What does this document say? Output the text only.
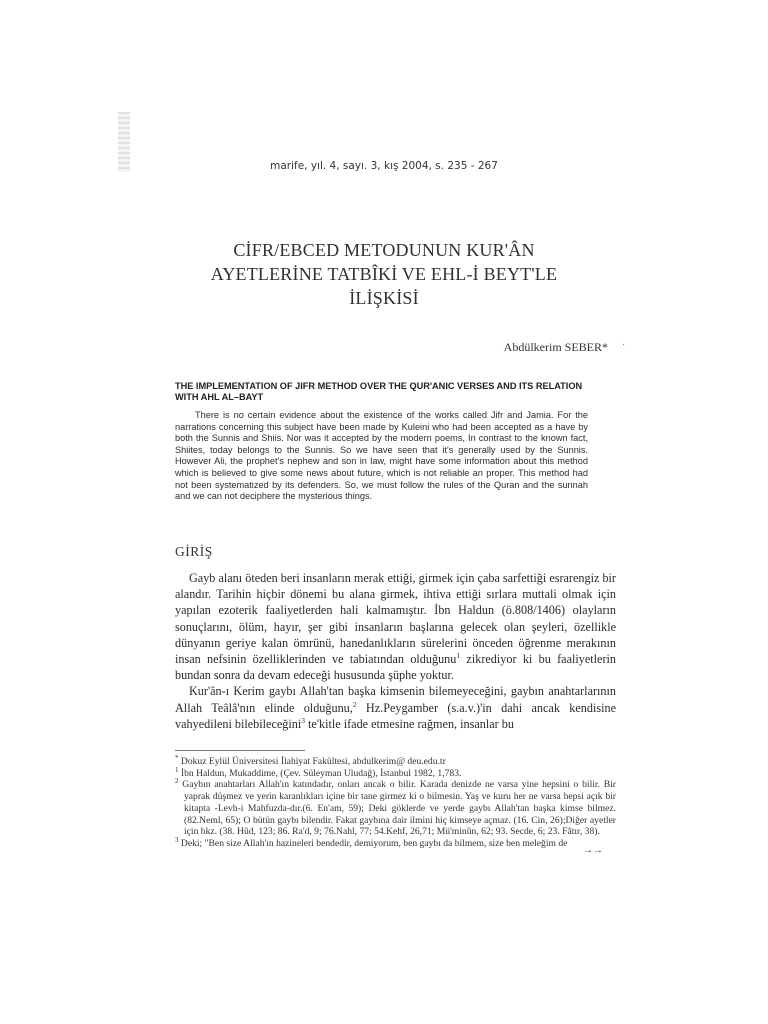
marife, yıl. 4, sayı. 3, kış 2004, s. 235 - 267
CİFR/EBCED METODUNUN KUR'ÂN
AYETLERİNE TATBÎKİ VE EHL-İ BEYT'LE
İLİŞKİSİ
Abdülkerim SEBER* ·
THE IMPLEMENTATION OF JIFR METHOD OVER THE QUR'ANIC VERSES AND ITS RELATION WITH AHL AL–BAYT
There is no certain evidence about the existence of the works called Jifr and Jamia. For the narrations concerning this subject have been made by Kuleini who had been accepted as a have by both the Sunnis and Shiis. Nor was it accepted by the modern poems, In contrast to the known fact, Shiites, today belongs to the Sunnis. So we have seen that it's generally used by the Sunnis. However Ali, the prophet's nephew and son in law, might have some information about this method which is believed to give some news about future, which is not reliable an proper. This method had not been systematized by its defenders. So, we must follow the rules of the Quran and the sunnah and we can not deciphere the mysterious things.
GİRİŞ

Gayb alanı öteden beri insanların merak ettiği, girmek için çaba sarfettiği esrarengiz bir alandır. Tarihin hiçbir dönemi bu alana girmek, ihtiva ettiği sırlara muttali olmak için yapılan ezoterik faaliyetlerden hali kalmamıştır. İbn Haldun (ö.808/1406) olayların sonuçlarını, ölüm, hayır, şer gibi insanların başlarına gelecek olan şeyleri, özellikle dünyanın geriye kalan ömrünü, hanedanlıkların sürelerini önceden öğrenme merakının insan nefsinin özelliklerinden ve tabiatından olduğunu$^1$ zikrediyor ki bu faaliyetlerin bundan sonra da devam edeceği hususunda şüphe yoktur.

Kur'ân-ı Kerim gaybı Allah'tan başka kimsenin bilemeyeceğini, gaybın anahtarlarının Allah Teâlâ'nın elinde olduğunu,$^2$ Hz.Peygamber (s.a.v.)'in dahi ancak kendisine vahyedileni bilebileceğini$^3$ te'kitle ifade etmesine rağmen, insanlar bu

* Dokuz Eylül Üniversitesi İlahiyat Fakültesi, abdulkerim@ deu.edu.tr

$^1$ İbn Haldun, Mukaddime, (Çev. Süleyman Uludağ), İstanbul 1982, 1,783.

$^2$ Gaybın anahtarları Allah'ın katındadır, onları ancak o bilir. Karada denizde ne varsa yine hepsini o bilir. Bir yaprak düşmez ve yerin karanlıkları içine bir tane girmez ki o bilmesin. Yaş ve kuru her ne varsa hepsi açık bir kitapta -Levh-i Mahfuzda-dır.(6. En'am, 59); Deki göklerde ve yerde gaybı Allah'tan başka kimse bilmez. (82.Neml, 65); O bütün gaybı bilendir. Fakat gaybına dair ilmini hiç kimseye açmaz. (16. Cin, 26);Diğer ayetler için bkz. (38. Hûd, 123; 86. Ra'd, 9; 76.Nahl, 77; 54.Kehf, 26,71; Mü'minûn, 62; 93. Secde, 6; 23. Fâtır, 38).

$^3$ Deki; "Ben size Allah'ın hazineleri bendedir, demiyorum, ben gaybı da bilmem, size ben meleğim de

→→
